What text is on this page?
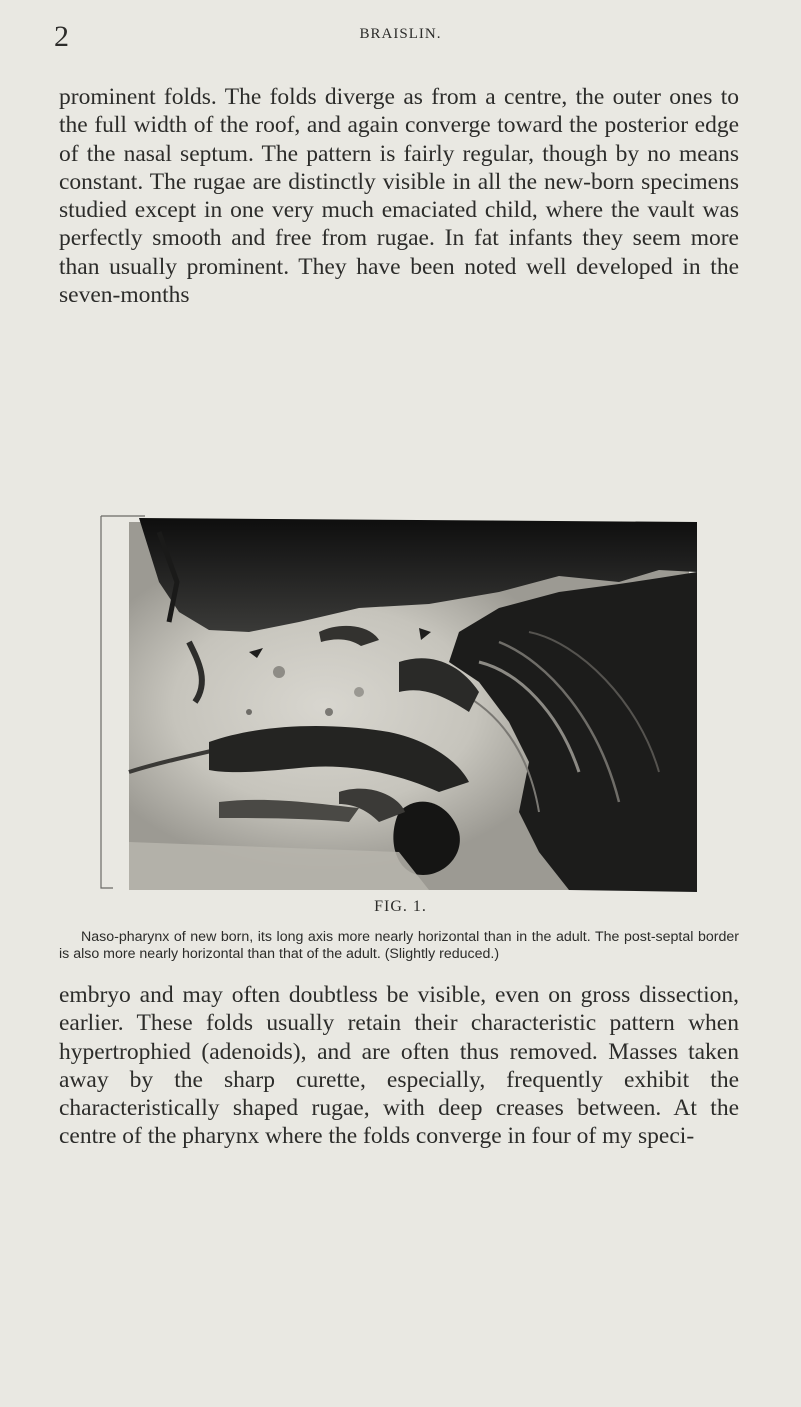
2	BRAISLIN.

prominent folds. The folds diverge as from a centre, the outer ones to the full width of the roof, and again converge toward the posterior edge of the nasal septum. The pattern is fairly regular, though by no means constant. The rugae are distinctly visible in all the new-born specimens studied except in one very much emaciated child, where the vault was perfectly smooth and free from rugae. In fat infants they seem more than usually prominent. They have been noted well developed in the seven-months

FIG. 1.

Naso-pharynx of new born, its long axis more nearly horizontal than in the adult. The post-septal border is also more nearly horizontal than that of the adult. (Slightly reduced.)

embryo and may often doubtless be visible, even on gross dissection, earlier. These folds usually retain their characteristic pattern when hypertrophied (adenoids), and are often thus removed. Masses taken away by the sharp curette, especially, frequently exhibit the characteristically shaped rugae, with deep creases between. At the centre of the pharynx where the folds converge in four of my speci-
